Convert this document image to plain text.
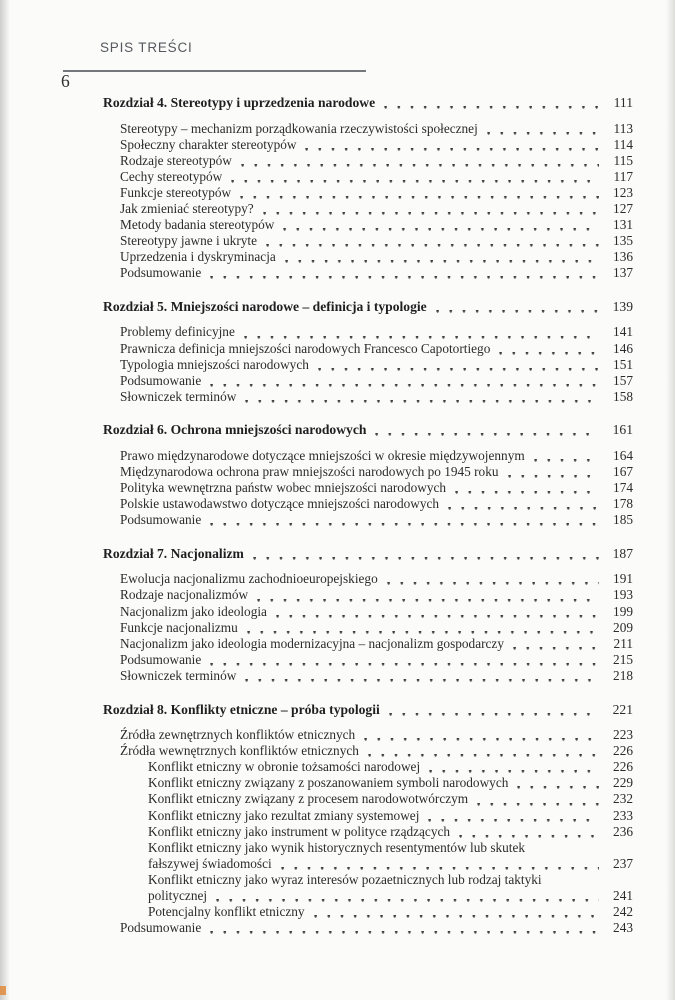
SPIS TREŚCI
6
Rozdział 4. Stereotypy i uprzedzenia narodowe	111
Stereotypy – mechanizm porządkowania rzeczywistości społecznej	113
Społeczny charakter stereotypów	114
Rodzaje stereotypów	115
Cechy stereotypów	117
Funkcje stereotypów	123
Jak zmieniać stereotypy?	127
Metody badania stereotypów	131
Stereotypy jawne i ukryte	135
Uprzedzenia i dyskryminacja	136
Podsumowanie	137
Rozdział 5. Mniejszości narodowe – definicja i typologie	139
Problemy definicyjne	141
Prawnicza definicja mniejszości narodowych Francesco Capotortiego	146
Typologia mniejszości narodowych	151
Podsumowanie	157
Słowniczek terminów	158
Rozdział 6. Ochrona mniejszości narodowych	161
Prawo międzynarodowe dotyczące mniejszości w okresie międzywojennym	164
Międzynarodowa ochrona praw mniejszości narodowych po 1945 roku	167
Polityka wewnętrzna państw wobec mniejszości narodowych	174
Polskie ustawodawstwo dotyczące mniejszości narodowych	178
Podsumowanie	185
Rozdział 7. Nacjonalizm	187
Ewolucja nacjonalizmu zachodnioeuropejskiego	191
Rodzaje nacjonalizmów	193
Nacjonalizm jako ideologia	199
Funkcje nacjonalizmu	209
Nacjonalizm jako ideologia modernizacyjna – nacjonalizm gospodarczy	211
Podsumowanie	215
Słowniczek terminów	218
Rozdział 8. Konflikty etniczne – próba typologii	221
Źródła zewnętrznych konfliktów etnicznych	223
Źródła wewnętrznych konfliktów etnicznych	226
Konflikt etniczny w obronie tożsamości narodowej	226
Konflikt etniczny związany z poszanowaniem symboli narodowych	229
Konflikt etniczny związany z procesem narodowotwórczym	232
Konflikt etniczny jako rezultat zmiany systemowej	233
Konflikt etniczny jako instrument w polityce rządzących	236
Konflikt etniczny jako wynik historycznych resentymentów lub skutek
fałszywej świadomości	237
Konflikt etniczny jako wyraz interesów pozaetnicznych lub rodzaj taktyki
politycznej	241
Potencjalny konflikt etniczny	242
Podsumowanie	243
